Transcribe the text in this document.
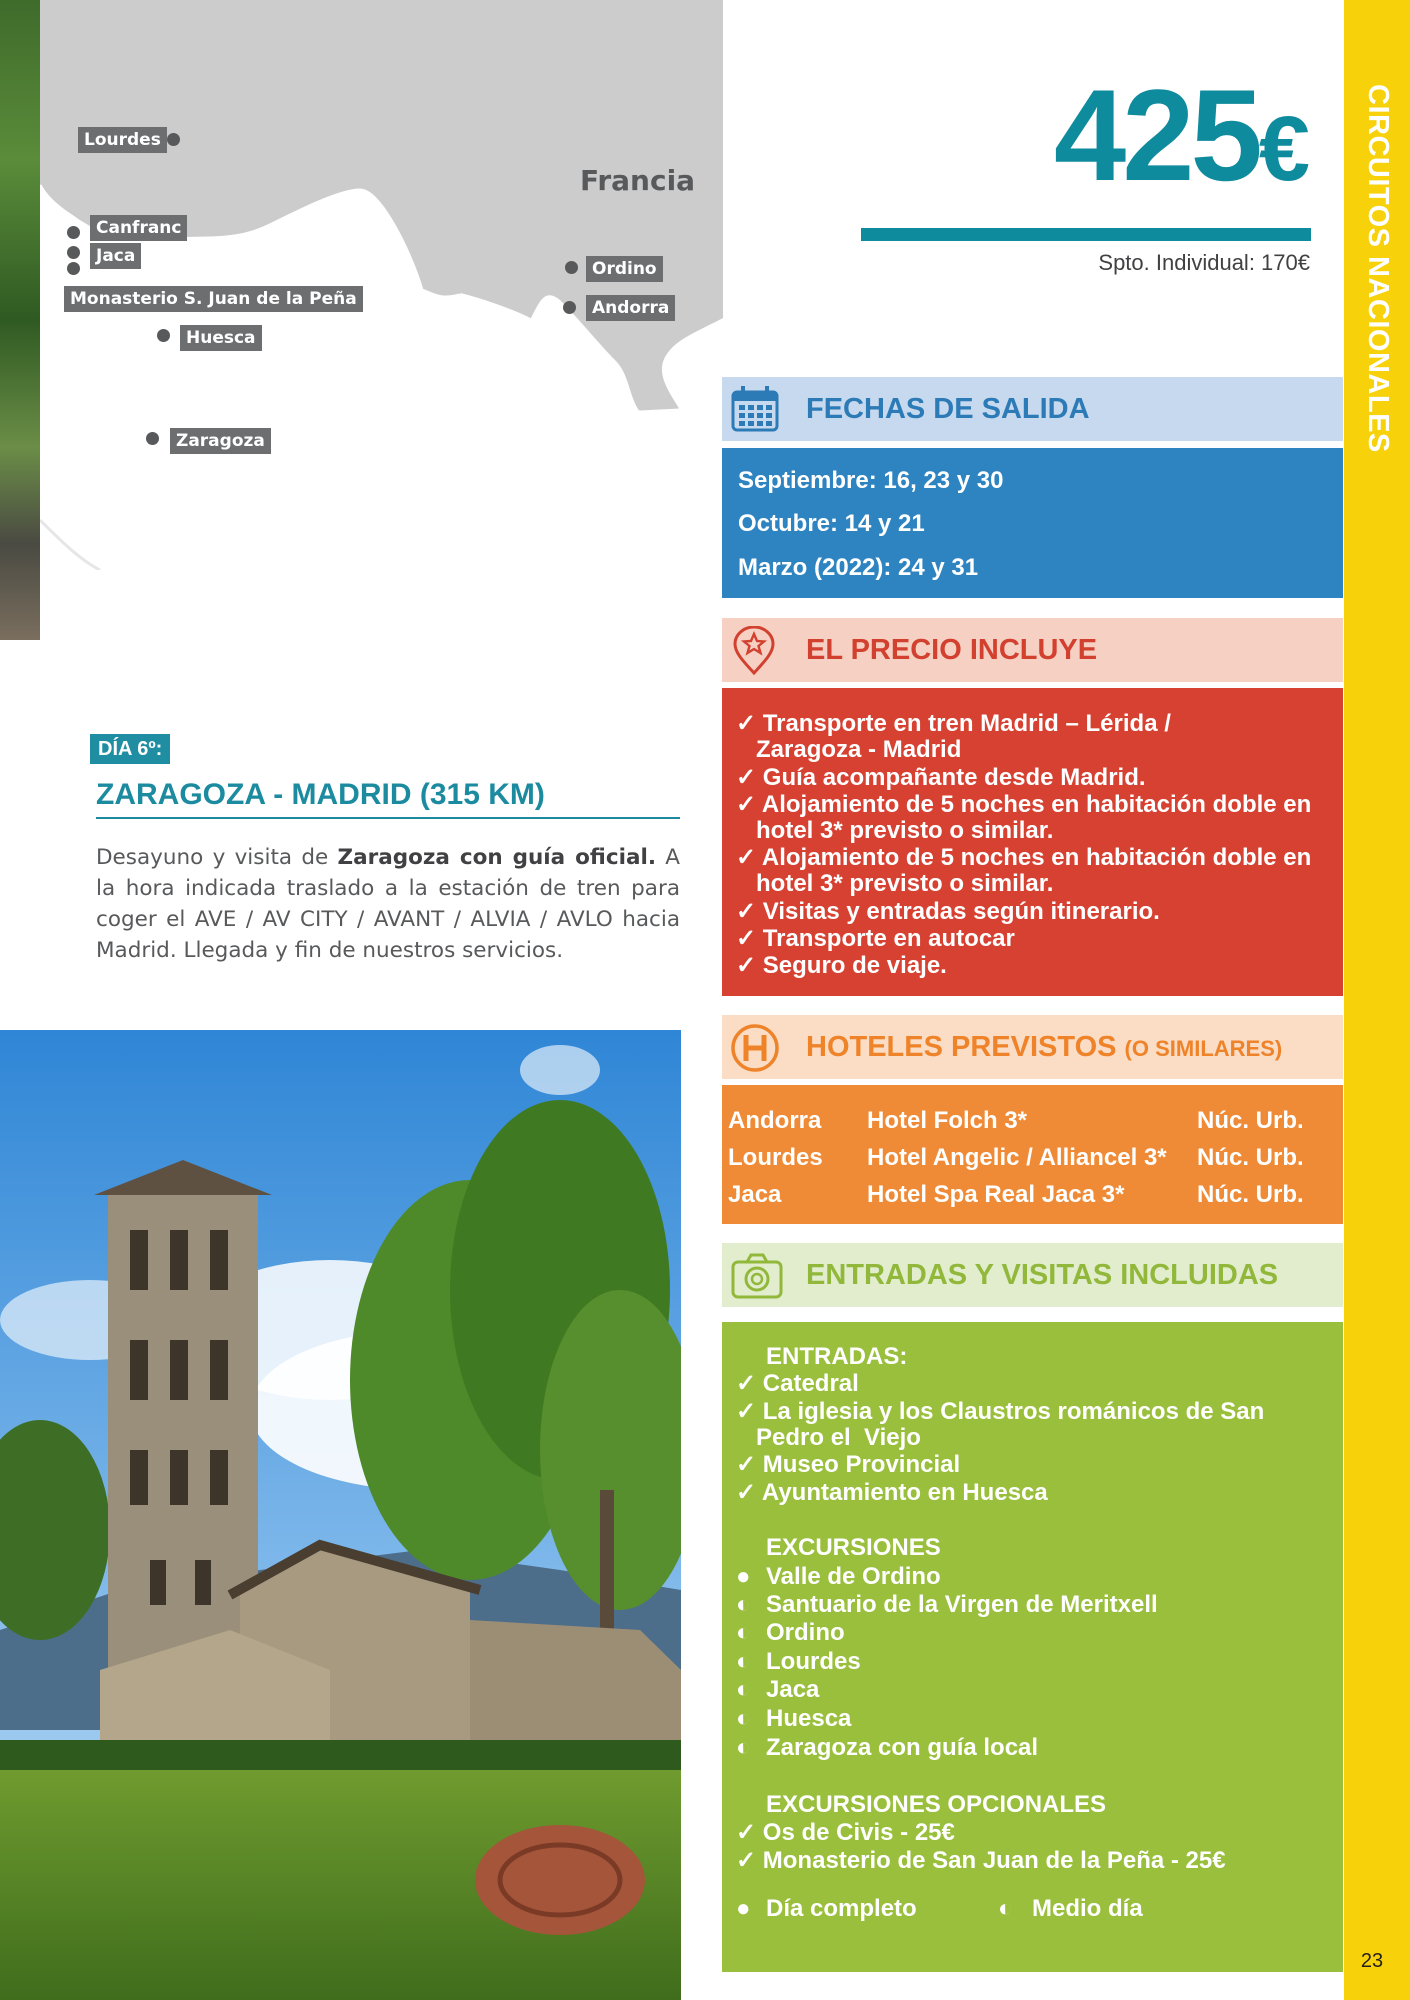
Francia
Lourdes
Canfranc
Jaca
Monasterio S. Juan de la Peña
Huesca
Zaragoza
Ordino
Andorra
425€
Spto. Individual: 170€ CIRCUITOS NACIONALES
FECHAS DE SALIDA
Septiembre: 16, 23 y 30
Octubre: 14 y 21
Marzo (2022): 24 y 31
EL PRECIO INCLUYE
✓ Transporte en tren Madrid – Lérida /
Zaragoza - Madrid
✓ Guía acompañante desde Madrid.
✓ Alojamiento de 5 noches en habitación doble en
hotel 3* previsto o similar.
✓ Alojamiento de 5 noches en habitación doble en
hotel 3* previsto o similar.
✓ Visitas y entradas según itinerario.
✓ Transporte en autocar
✓ Seguro de viaje.
HOTELES PREVISTOS (O SIMILARES)
Andorra Hotel Folch 3*	Núc. Urb.
Lourdes Hotel Angelic / Alliancel 3* Núc. Urb.
Jaca	Hotel Spa Real Jaca 3*	Núc. Urb.
ENTRADAS Y VISITAS INCLUIDAS
ENTRADAS:
✓ Catedral
✓ La iglesia y los Claustros románicos de San
Pedro el  Viejo
✓ Museo Provincial
✓ Ayuntamiento en Huesca
EXCURSIONES
● Valle de Ordino
◐ Santuario de la Virgen de Meritxell
◐ Ordino
◐ Lourdes
◐ Jaca
◐ Huesca
◐ Zaragoza con guía local
EXCURSIONES OPCIONALES
✓ Os de Civis - 25€
✓ Monasterio de San Juan de la Peña - 25€
● Día completo	◐ Medio día
DÍA 6º:
ZARAGOZA - MADRID (315 KM)
Desayuno y visita de Zaragoza con guía oficial. A la hora indicada traslado a la estación de tren para coger el AVE / AV CITY / AVANT / ALVIA / AVLO hacia Madrid. Llegada y fin de nuestros servicios.
23
